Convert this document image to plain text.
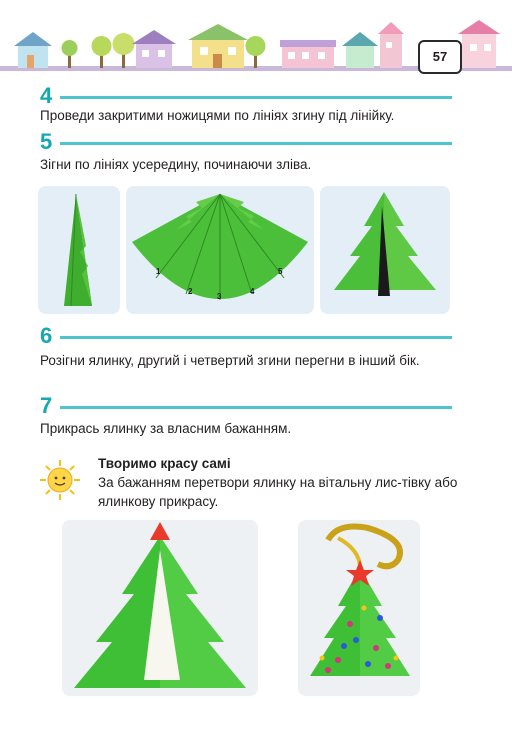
57
4
Проведи закритими ножицями по лініях згину під лінійку.
5
Зігни по лініях усередину, починаючи зліва.
1
2
3
4
5
6
Розігни ялинку, другий і четвертий згини перегни в інший бік.
7
Прикрась ялинку за власним бажанням.
Творимо красу самі
За бажанням перетвори ялинку на вітальну лис-тівку або ялинкову прикрасу.
